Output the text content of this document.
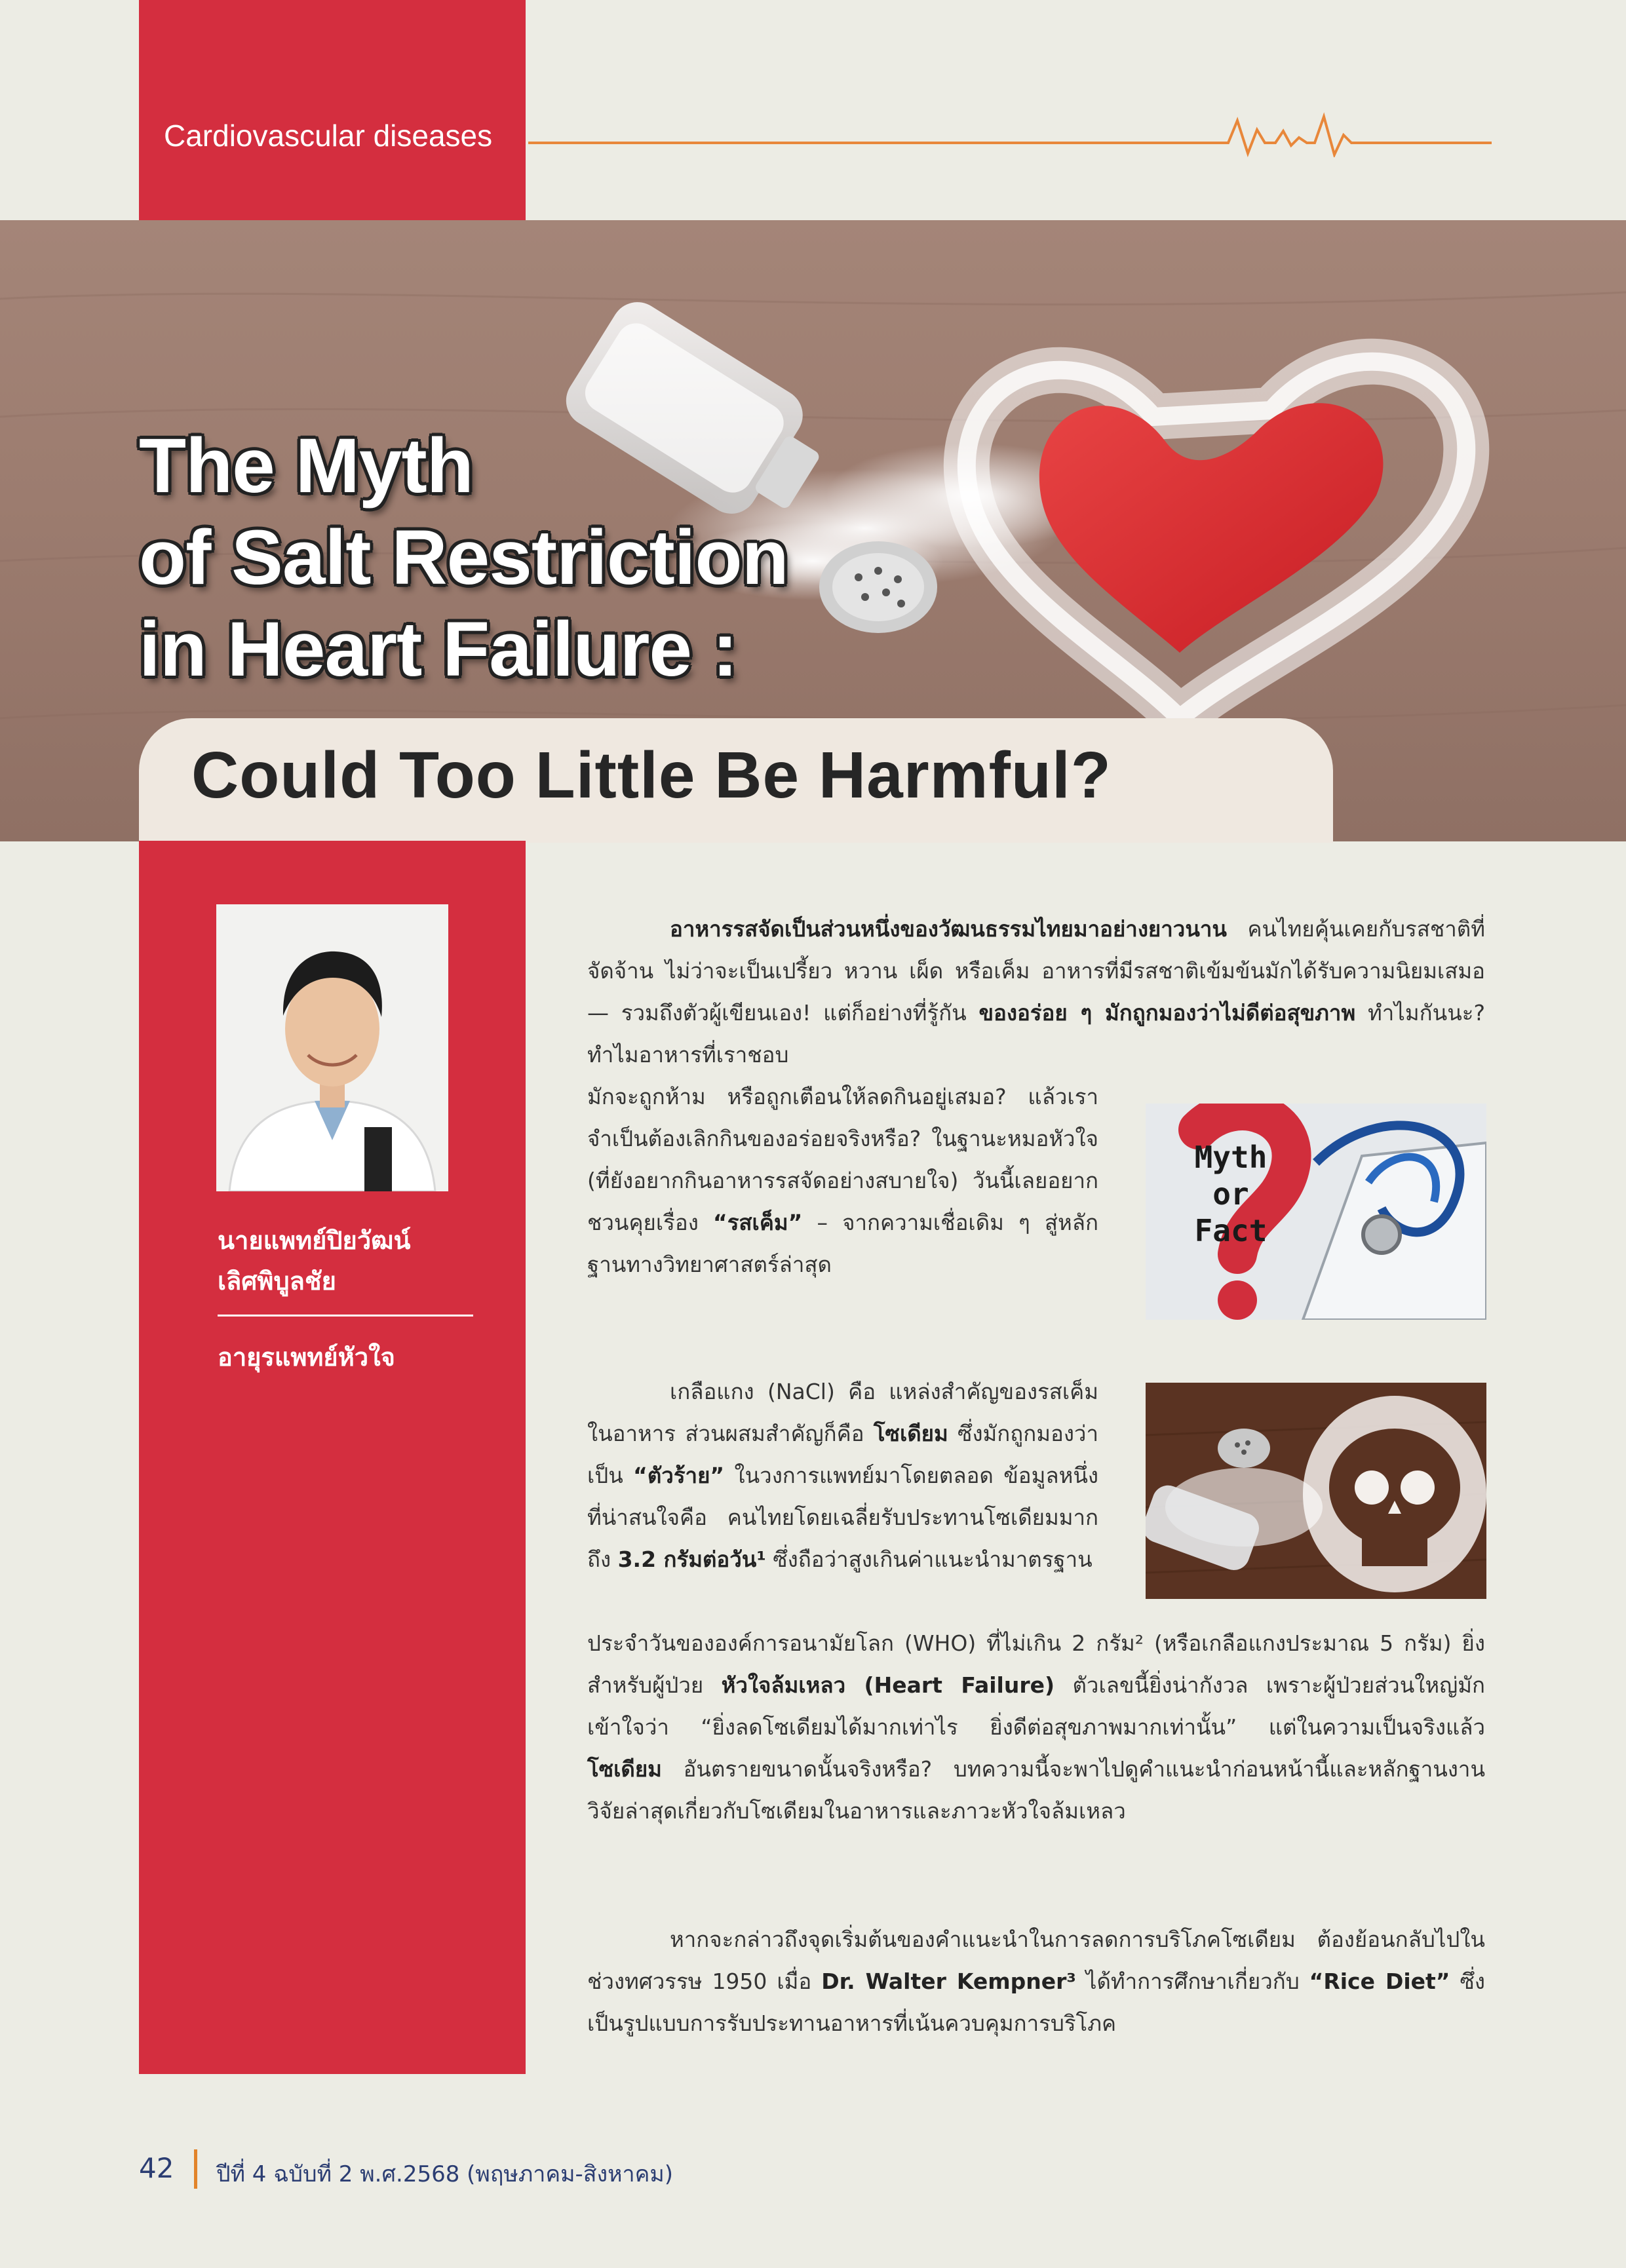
Cardiovascular diseases
The Myth
of Salt Restriction
in Heart Failure :
Could Too Little Be Harmful?
นายแพทย์ปิยวัฒน์
เลิศพิบูลชัย
อายุรแพทย์หัวใจ
อาหารรสจัดเป็นส่วนหนึ่งของวัฒนธรรมไทยมาอย่างยาวนาน คนไทยคุ้นเคยกับรสชาติที่จัดจ้าน ไม่ว่าจะเป็นเปรี้ยว หวาน เผ็ด หรือเค็ม อาหารที่มีรสชาติเข้มข้นมักได้รับความนิยมเสมอ — รวมถึงตัวผู้เขียนเอง! แต่ก็อย่างที่รู้กัน ของอร่อย ๆ มักถูกมองว่าไม่ดีต่อสุขภาพ ทำไมกันนะ? ทำไมอาหารที่เราชอบ
มักจะถูกห้าม หรือถูกเตือนให้ลดกินอยู่เสมอ? แล้วเราจำเป็นต้องเลิกกินของอร่อยจริงหรือ? ในฐานะหมอหัวใจ (ที่ยังอยากกินอาหารรสจัดอย่างสบายใจ) วันนี้เลยอยากชวนคุยเรื่อง “รสเค็ม” – จากความเชื่อเดิม ๆ สู่หลักฐานทางวิทยาศาสตร์ล่าสุด
Myth
or
Fact
เกลือแกง (NaCl) คือ แหล่งสำคัญของรสเค็มในอาหาร ส่วนผสมสำคัญก็คือ โซเดียม ซึ่งมักถูกมองว่าเป็น “ตัวร้าย” ในวงการแพทย์มาโดยตลอด ข้อมูลหนึ่งที่น่าสนใจคือ คนไทยโดยเฉลี่ยรับประทานโซเดียมมากถึง 3.2 กรัมต่อวัน¹ ซึ่งถือว่าสูงเกินค่าแนะนำมาตรฐาน
ประจำวันขององค์การอนามัยโลก (WHO) ที่ไม่เกิน 2 กรัม² (หรือเกลือแกงประมาณ 5 กรัม) ยิ่งสำหรับผู้ป่วย หัวใจล้มเหลว (Heart Failure) ตัวเลขนี้ยิ่งน่ากังวล เพราะผู้ป่วยส่วนใหญ่มักเข้าใจว่า “ยิ่งลดโซเดียมได้มากเท่าไร ยิ่งดีต่อสุขภาพมากเท่านั้น” แต่ในความเป็นจริงแล้ว โซเดียม อันตรายขนาดนั้นจริงหรือ? บทความนี้จะพาไปดูคำแนะนำก่อนหน้านี้และหลักฐานงานวิจัยล่าสุดเกี่ยวกับโซเดียมในอาหารและภาวะหัวใจล้มเหลว
หากจะกล่าวถึงจุดเริ่มต้นของคำแนะนำในการลดการบริโภคโซเดียม ต้องย้อนกลับไปในช่วงทศวรรษ 1950 เมื่อ Dr. Walter Kempner³ ได้ทำการศึกษาเกี่ยวกับ “Rice Diet” ซึ่งเป็นรูปแบบการรับประทานอาหารที่เน้นควบคุมการบริโภค
42 ปีที่ 4 ฉบับที่ 2 พ.ศ.2568 (พฤษภาคม-สิงหาคม)
